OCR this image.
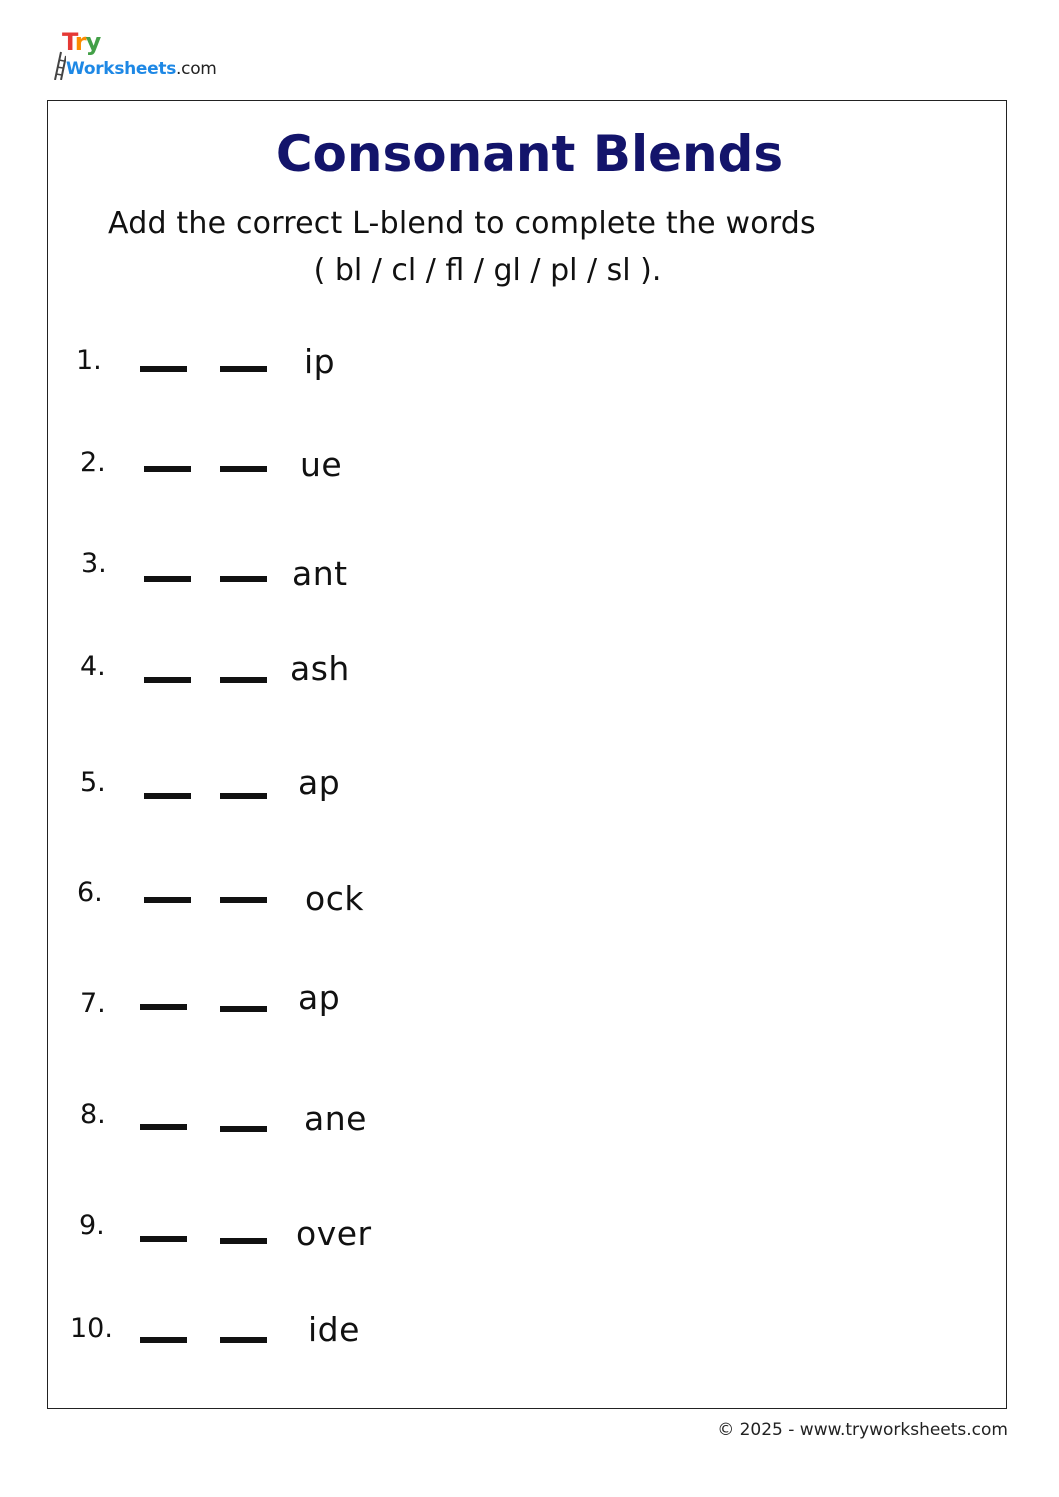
Try
Worksheets.com
Consonant Blends
Add the correct L-blend to complete the words
( bl / cl / fl / gl / pl / sl ).
1.	ip
2.	ue
3.	ant
4.	ash
5.	ap
6.	ock
7.	ap
8.	ane
9.	over
10.	ide
© 2025 - www.tryworksheets.com
